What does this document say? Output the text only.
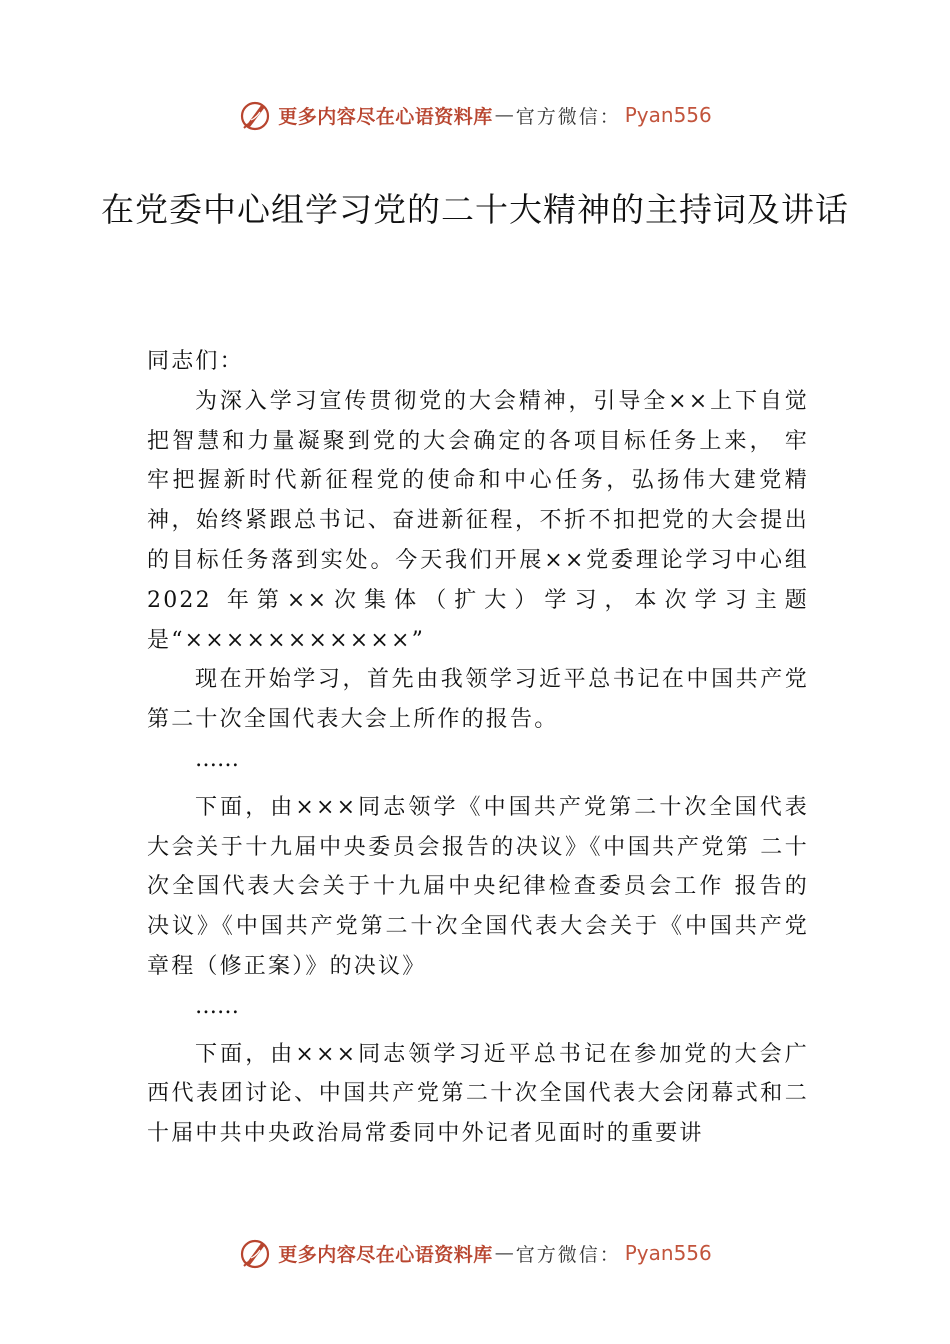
更多内容尽在心语资料库 — 官方微信： Pyan556
在党委中心组学习党的二十大精神的主持词及讲话

同志们：

为深入学习宣传贯彻党的大会精神，引导全××上下自觉把智慧和力量凝聚到党的大会确定的各项目标任务上来， 牢牢把握新时代新征程党的使命和中心任务，弘扬伟大建党精神，始终紧跟总书记、奋进新征程，不折不扣把党的大会提出的目标任务落到实处。今天我们开展××党委理论学习中心组 2022 年第××次集体（扩大）学习，本次学习主题是“×××××××××××”

现在开始学习，首先由我领学习近平总书记在中国共产党第二十次全国代表大会上所作的报告。

……

下面，由×××同志领学《中国共产党第二十次全国代表大会关于十九届中央委员会报告的决议》《中国共产党第 二十次全国代表大会关于十九届中央纪律检查委员会工作 报告的决议》《中国共产党第二十次全国代表大会关于《中国共产党章程（修正案）》的决议》

……

下面，由×××同志领学习近平总书记在参加党的大会广西代表团讨论、中国共产党第二十次全国代表大会闭幕式和二十届中共中央政治局常委同中外记者见面时的重要讲

更多内容尽在心语资料库 — 官方微信： Pyan556
